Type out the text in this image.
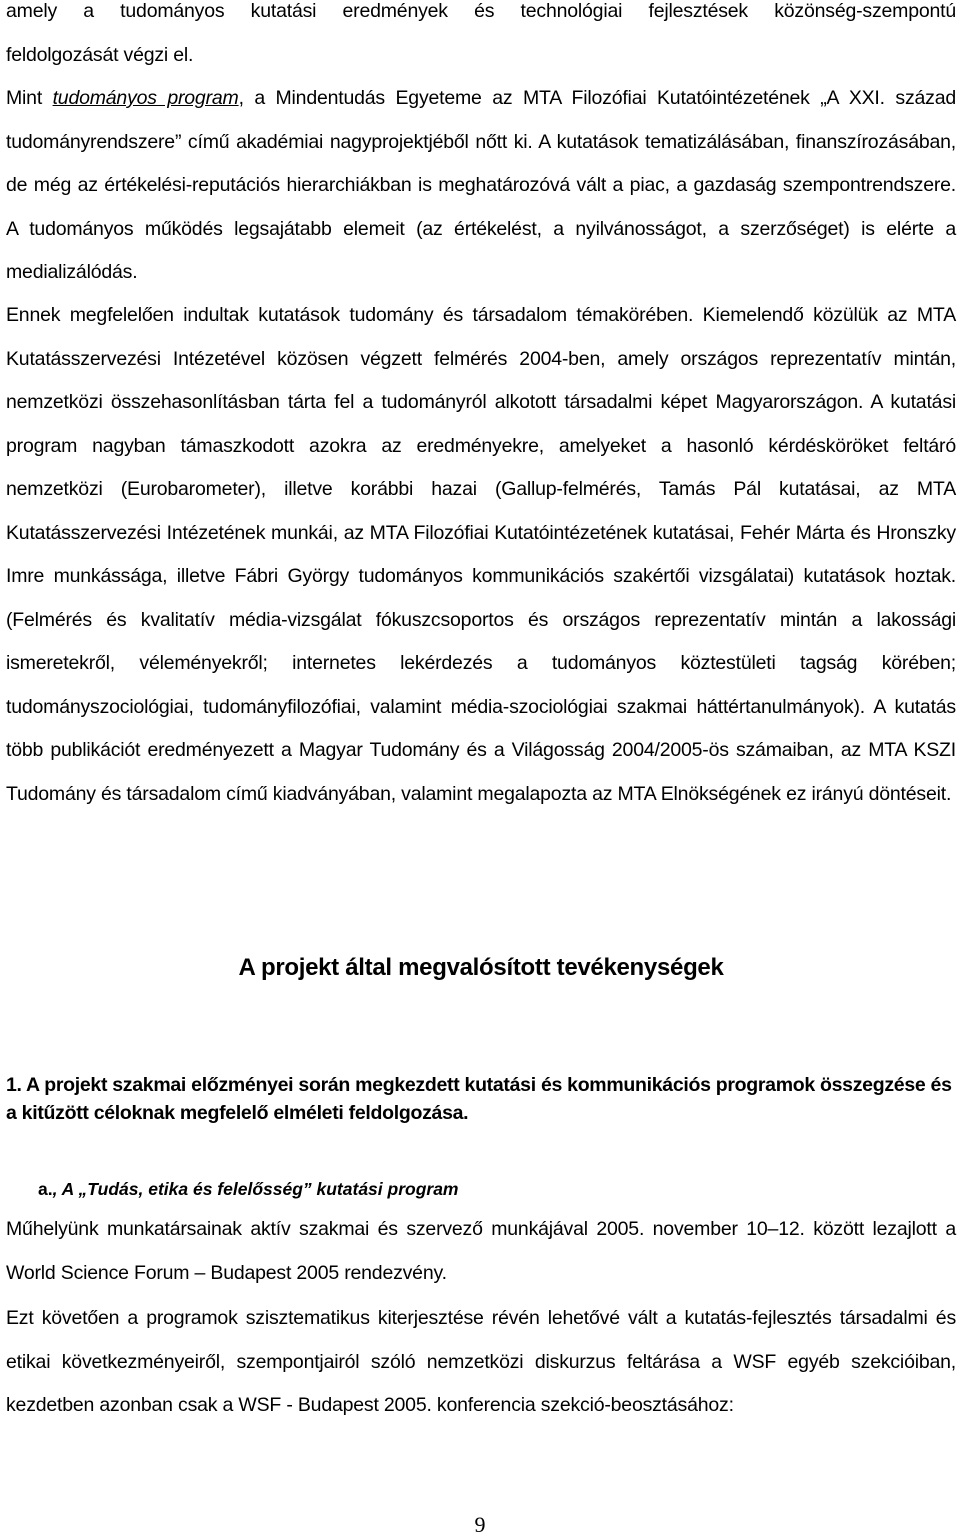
amely a tudományos kutatási eredmények és technológiai fejlesztések közönség-szempontú
feldolgozását végzi el.
Mint tudományos program, a Mindentudás Egyeteme az MTA Filozófiai Kutatóintézetének „A XXI. század tudományrendszere” című akadémiai nagyprojektjéből nőtt ki. A kutatások tematizálásában, finanszírozásában, de még az értékelési-reputációs hierarchiákban is meghatározóvá vált a piac, a gazdaság szempontrendszere. A tudományos működés legsajátabb elemeit (az értékelést, a nyilvánosságot, a szerzőséget) is elérte a medializálódás.
Ennek megfelelően indultak kutatások tudomány és társadalom témakörében. Kiemelendő közülük az MTA Kutatásszervezési Intézetével közösen végzett felmérés 2004-ben, amely országos reprezentatív mintán, nemzetközi összehasonlításban tárta fel a tudományról alkotott társadalmi képet Magyarországon. A kutatási program nagyban támaszkodott azokra az eredményekre, amelyeket a hasonló kérdésköröket feltáró nemzetközi (Eurobarometer), illetve korábbi hazai (Gallup-felmérés, Tamás Pál kutatásai, az MTA Kutatásszervezési Intézetének munkái, az MTA Filozófiai Kutatóintézetének kutatásai, Fehér Márta és Hronszky Imre munkássága, illetve Fábri György tudományos kommunikációs szakértői vizsgálatai) kutatások hoztak. (Felmérés és kvalitatív média-vizsgálat fókuszcsoportos és országos reprezentatív mintán a lakossági ismeretekről, véleményekről; internetes lekérdezés a tudományos köztestületi tagság körében; tudományszociológiai, tudományfilozófiai, valamint média-szociológiai szakmai háttértanulmányok). A kutatás több publikációt eredményezett a Magyar Tudomány és a Világosság 2004/2005-ös számaiban, az MTA KSZI Tudomány és társadalom című kiadványában, valamint megalapozta az MTA Elnökségének ez irányú döntéseit.
A projekt által megvalósított tevékenységek
1. A projekt szakmai előzményei során megkezdett kutatási és kommunikációs programok összegzése és a kitűzött céloknak megfelelő elméleti feldolgozása.
a., A „Tudás, etika és felelősség” kutatási program
Műhelyünk munkatársainak aktív szakmai és szervező munkájával 2005. november 10–12. között lezajlott a World Science Forum – Budapest 2005 rendezvény.
Ezt követően a programok szisztematikus kiterjesztése révén lehetővé vált a kutatás-fejlesztés társadalmi és etikai következményeiről, szempontjairól szóló nemzetközi diskurzus feltárása a WSF egyéb szekcióiban, kezdetben azonban csak a WSF - Budapest 2005. konferencia szekció-beosztásához:
9
